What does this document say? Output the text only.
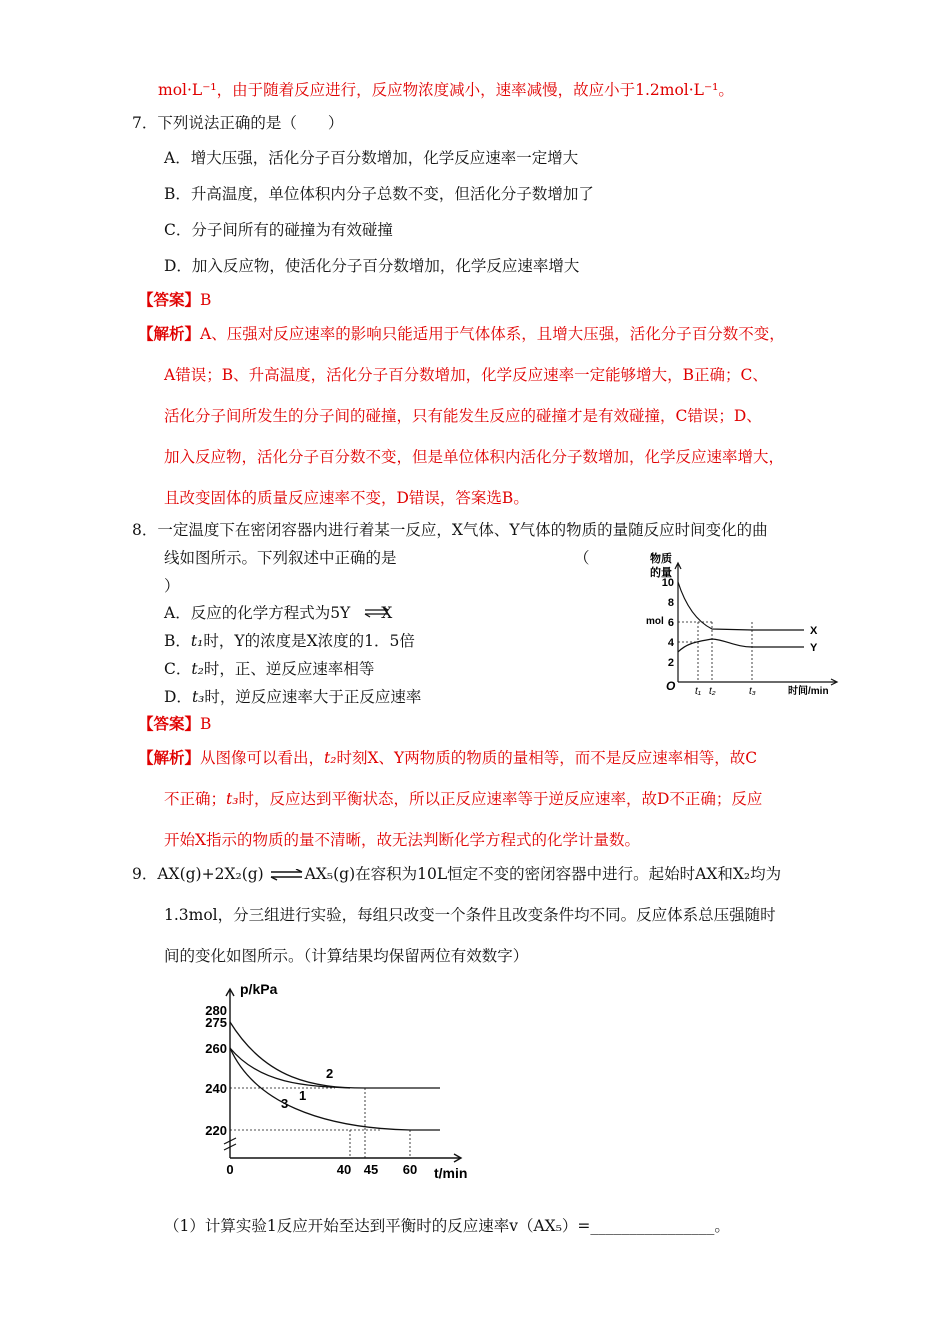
mol·L⁻¹，由于随着反应进行，反应物浓度减小，速率减慢，故应小于1.2mol·L⁻¹。
7．下列说法正确的是（　　）
A．增大压强，活化分子百分数增加，化学反应速率一定增大
B．升高温度，单位体积内分子总数不变，但活化分子数增加了
C．分子间所有的碰撞为有效碰撞
D．加入反应物，使活化分子百分数增加，化学反应速率增大
【答案】B
【解析】A、压强对反应速率的影响只能适用于气体体系，且增大压强，活化分子百分数不变，
A错误；B、升高温度，活化分子百分数增加，化学反应速率一定能够增大，B正确；C、
活化分子间所发生的分子间的碰撞，只有能发生反应的碰撞才是有效碰撞，C错误；D、
加入反应物，活化分子百分数不变，但是单位体积内活化分子数增加，化学反应速率增大，
且改变固体的质量反应速率不变，D错误，答案选B。
8．一定温度下在密闭容器内进行着某一反应，X气体、Y气体的物质的量随反应时间变化的曲
线如图所示。下列叙述中正确的是	（
）
A．反应的化学方程式为5Y　　X
B．t₁时，Y的浓度是X浓度的1．5倍
C．t₂时，正、逆反应速率相等
D．t₃时，逆反应速率大于正反应速率
物质
的量
mol
2
4
6
8
10
O t₁ t₂	t₃	时间/min
X
Y
【答案】B
【解析】从图像可以看出，t₂时刻X、Y两物质的物质的量相等，而不是反应速率相等，故C
不正确；t₃时，反应达到平衡状态，所以正反应速率等于逆反应速率，故D不正确；反应
开始X指示的物质的量不清晰，故无法判断化学方程式的化学计量数。
9．AX(g)+2X₂(g) ⇌AX₅(g)在容积为10L恒定不变的密闭容器中进行。起始时AX和X₂均为
1.3mol，分三组进行实验，每组只改变一个条件且改变条件均不同。反应体系总压强随时
间的变化如图所示。（计算结果均保留两位有效数字）
p/kPa
220
240
260
275
280
0	40 45 60 t/min
2
1
3
（1）计算实验1反应开始至达到平衡时的反应速率v（AX₅）=________________。
